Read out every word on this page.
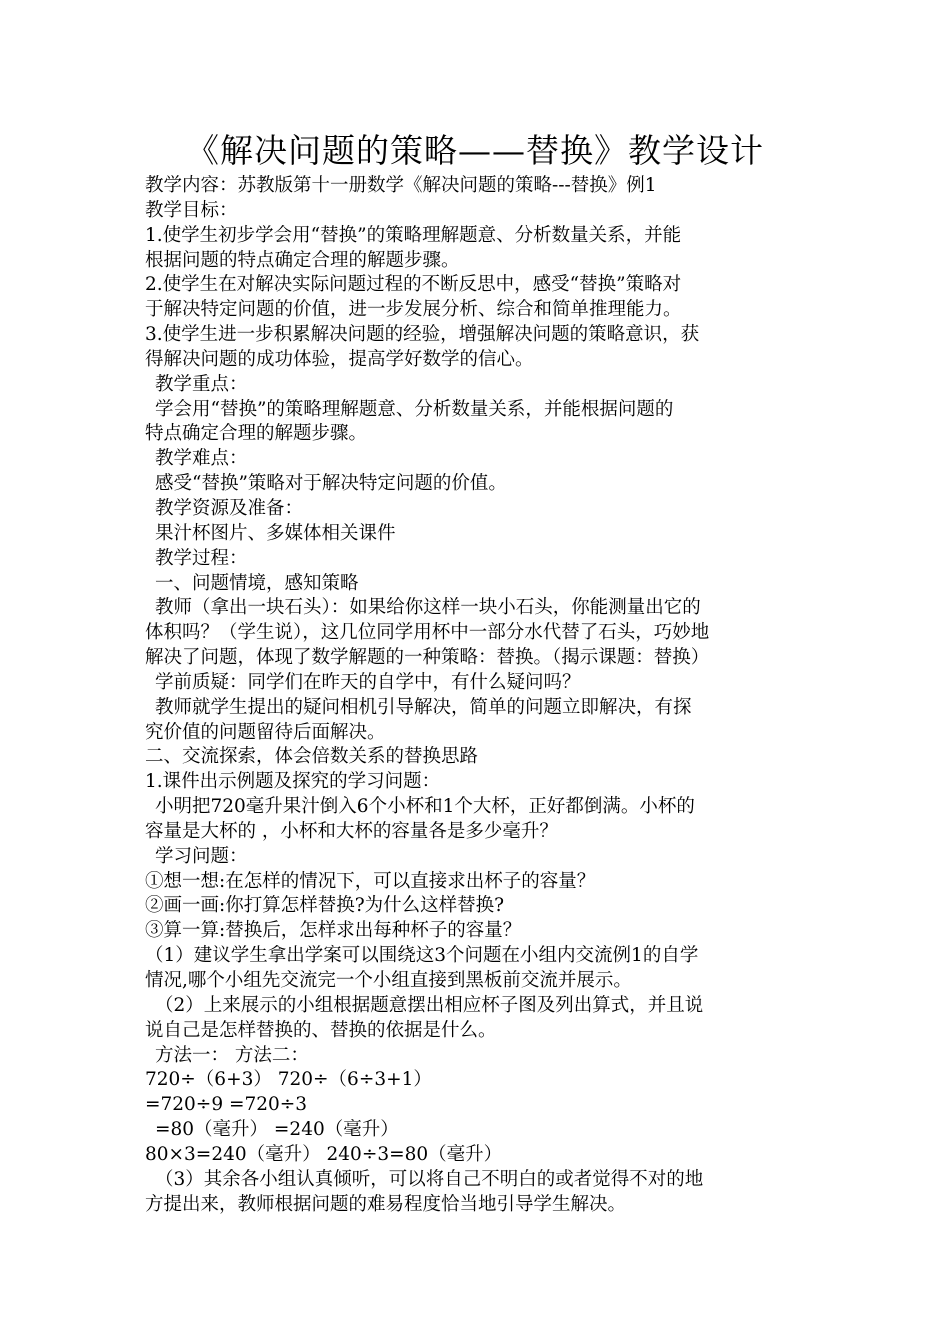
《解决问题的策略——替换》教学设计
教学内容：苏教版第十一册数学《解决问题的策略---替换》例1
教学目标：
1.使学生初步学会用“替换”的策略理解题意、分析数量关系，并能
根据问题的特点确定合理的解题步骤。
2.使学生在对解决实际问题过程的不断反思中，感受“替换”策略对
于解决特定问题的价值，进一步发展分析、综合和简单推理能力。
3.使学生进一步积累解决问题的经验，增强解决问题的策略意识，获
得解决问题的成功体验，提高学好数学的信心。
教学重点：
学会用“替换”的策略理解题意、分析数量关系，并能根据问题的
特点确定合理的解题步骤。
教学难点：
感受“替换”策略对于解决特定问题的价值。
教学资源及准备：
果汁杯图片、多媒体相关课件
教学过程：
一、问题情境，感知策略
教师（拿出一块石头）：如果给你这样一块小石头，你能测量出它的
体积吗？（学生说），这几位同学用杯中一部分水代替了石头，巧妙地
解决了问题，体现了数学解题的一种策略：替换。（揭示课题：替换）
学前质疑：同学们在昨天的自学中，有什么疑问吗？
教师就学生提出的疑问相机引导解决，简单的问题立即解决，有探
究价值的问题留待后面解决。
二、交流探索，体会倍数关系的替换思路
1.课件出示例题及探究的学习问题：
小明把720毫升果汁倒入6个小杯和1个大杯，正好都倒满。小杯的
容量是大杯的 ，小杯和大杯的容量各是多少毫升？
学习问题：
①想一想:在怎样的情况下，可以直接求出杯子的容量？
②画一画:你打算怎样替换?为什么这样替换?
③算一算:替换后，怎样求出每种杯子的容量？
（1）建议学生拿出学案可以围绕这3个问题在小组内交流例1的自学
情况,哪个小组先交流完一个小组直接到黑板前交流并展示。
（2）上来展示的小组根据题意摆出相应杯子图及列出算式，并且说
说自己是怎样替换的、替换的依据是什么。
方法一： 方法二：
720÷（6+3） 720÷（6÷3+1）
=720÷9 =720÷3
=80（毫升） =240（毫升）
80×3=240（毫升） 240÷3=80（毫升）
（3）其余各小组认真倾听，可以将自己不明白的或者觉得不对的地
方提出来，教师根据问题的难易程度恰当地引导学生解决。
